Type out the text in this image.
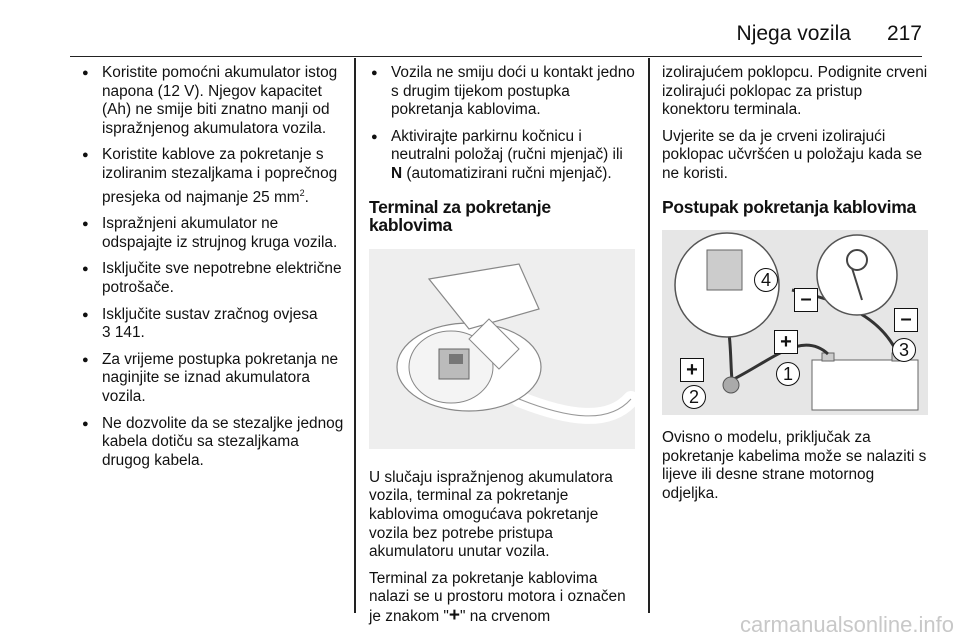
Njega vozila 217
● Koristite pomoćni akumulator istog napona (12 V). Njegov kapacitet (Ah) ne smije biti znatno manji od ispražnjenog akumulatora vozila.
● Koristite kablove za pokretanje s izoliranim stezaljkama i poprečnog presjeka od najmanje 25 $mm^2$.
● Ispražnjeni akumulator ne odspajajte iz strujnog kruga vozila.
● Isključite sve nepotrebne električne potrošače.
● Isključite sustav zračnog ovjesa
3 141.
● Za vrijeme postupka pokretanja ne naginjite se iznad akumulatora vozila.
● Ne dozvolite da se stezaljke jednog kabela dotiču sa stezaljkama drugog kabela.
● Vozila ne smiju doći u kontakt jedno s drugim tijekom postupka pokretanja kablovima.
● Aktivirajte parkirnu kočnicu i neutralni položaj (ručni mjenjač) ili N (automatizirani ručni mjenjač).
Terminal za pokretanje kablovima

U slučaju ispražnjenog akumulatora vozila, terminal za pokretanje kablovima omogućava pokretanje vozila bez potrebe pristupa akumulatoru unutar vozila.

Terminal za pokretanje kablovima nalazi se u prostoru motora i označen je znakom "+" na crvenom

izolirajućem poklopcu. Podignite crveni izolirajući poklopac za pristup konektoru terminala.

Uvjerite se da je crveni izolirajući poklopac učvršćen u položaju kada se ne koristi.

Postupak pokretanja kablovima
4
–
–
+	3
+	1
2

Ovisno o modelu, priključak za pokretanje kabelima može se nalaziti s lijeve ili desne strane motornog odjeljka.

carmanualsonline.info
